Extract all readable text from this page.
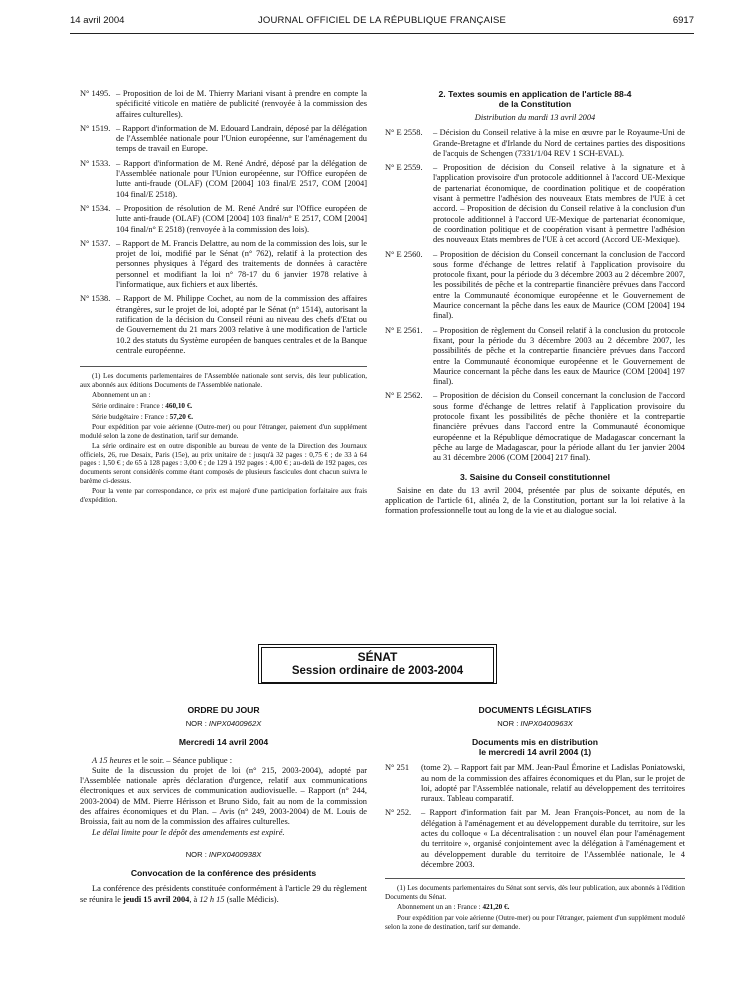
14 avril 2004	JOURNAL OFFICIEL DE LA RÉPUBLIQUE FRANÇAISE	6917
N° 1495. – Proposition de loi de M. Thierry Mariani visant à prendre en compte la spécificité viticole en matière de publicité (renvoyée à la commission des affaires culturelles).
N° 1519. – Rapport d'information de M. Edouard Landrain, déposé par la délégation de l'Assemblée nationale pour l'Union européenne, sur l'aménagement du temps de travail en Europe.
N° 1533. – Rapport d'information de M. René André, déposé par la délégation de l'Assemblée nationale pour l'Union européenne, sur l'Office européen de lutte anti-fraude (OLAF) (COM [2004] 103 final/E 2517, COM [2004] 104 final/E 2518).
N° 1534. – Proposition de résolution de M. René André sur l'Office européen de lutte anti-fraude (OLAF) (COM [2004] 103 final/n° E 2517, COM [2004] 104 final/n° E 2518) (renvoyée à la commission des lois).
N° 1537. – Rapport de M. Francis Delattre, au nom de la commission des lois, sur le projet de loi, modifié par le Sénat (n° 762), relatif à la protection des personnes physiques à l'égard des traitements de données à caractère personnel et modifiant la loi n° 78-17 du 6 janvier 1978 relative à l'informatique, aux fichiers et aux libertés.
N° 1538. – Rapport de M. Philippe Cochet, au nom de la commission des affaires étrangères, sur le projet de loi, adopté par le Sénat (n° 1514), autorisant la ratification de la décision du Conseil réuni au niveau des chefs d'Etat ou de Gouvernement du 21 mars 2003 relative à une modification de l'article 10.2 des statuts du Système européen de banques centrales et de la Banque centrale européenne.

(1) Les documents parlementaires de l'Assemblée nationale sont servis, dès leur publication, aux abonnés aux éditions Documents de l'Assemblée nationale.

Abonnement un an :

Série ordinaire : France : 460,10 €.

Série budgétaire : France : 57,20 €.

Pour expédition par voie aérienne (Outre-mer) ou pour l'étranger, paiement d'un supplément modulé selon la zone de destination, tarif sur demande.

La série ordinaire est en outre disponible au bureau de vente de la Direction des Journaux officiels, 26, rue Desaix, Paris (15e), au prix unitaire de : jusqu'à 32 pages : 0,75 € ; de 33 à 64 pages : 1,50 € ; de 65 à 128 pages : 3,00 € ; de 129 à 192 pages : 4,00 € ; au-delà de 192 pages, ces documents seront considérés comme étant composés de plusieurs fascicules dont chacun suivra le barème ci-dessus.

Pour la vente par correspondance, ce prix est majoré d'une participation forfaitaire aux frais d'expédition.

2. Textes soumis en application de l'article 88-4
de la Constitution
Distribution du mardi 13 avril 2004
N° E 2558. – Décision du Conseil relative à la mise en œuvre par le Royaume-Uni de Grande-Bretagne et d'Irlande du Nord de certaines parties des dispositions de l'acquis de Schengen (7331/1/04 REV 1 SCH-EVAL).
N° E 2559. – Proposition de décision du Conseil relative à la signature et à l'application provisoire d'un protocole additionnel à l'accord UE-Mexique de partenariat économique, de coordination politique et de coopération visant à permettre l'adhésion des nouveaux Etats membres de l'UE à cet accord. – Proposition de décision du Conseil relative à la conclusion d'un protocole additionnel à l'accord UE-Mexique de partenariat économique, de coordination politique et de coopération visant à permettre l'adhésion des nouveaux Etats membres de l'UE à cet accord (Accord UE-Mexique).
N° E 2560. – Proposition de décision du Conseil concernant la conclusion de l'accord sous forme d'échange de lettres relatif à l'application provisoire du protocole fixant, pour la période du 3 décembre 2003 au 2 décembre 2007, les possibilités de pêche et la contrepartie financière prévues dans l'accord entre la Communauté économique européenne et le Gouvernement de Maurice concernant la pêche dans les eaux de Maurice (COM [2004] 194 final).
N° E 2561. – Proposition de règlement du Conseil relatif à la conclusion du protocole fixant, pour la période du 3 décembre 2003 au 2 décembre 2007, les possibilités de pêche et la contrepartie financière prévues dans l'accord entre la Communauté économique européenne et le Gouvernement de Maurice concernant la pêche dans les eaux de Maurice (COM [2004] 197 final).
N° E 2562. – Proposition de décision du Conseil concernant la conclusion de l'accord sous forme d'échange de lettres relatif à l'application provisoire du protocole fixant les possibilités de pêche thonière et la contrepartie financière prévues dans l'accord entre la Communauté économique européenne et la République démocratique de Madagascar concernant la pêche au large de Madagascar, pour la période allant du 1er janvier 2004 au 31 décembre 2006 (COM [2004] 217 final).
3. Saisine du Conseil constitutionnel

Saisine en date du 13 avril 2004, présentée par plus de soixante députés, en application de l'article 61, alinéa 2, de la Constitution, portant sur la loi relative à la formation professionnelle tout au long de la vie et au dialogue social.

SÉNAT
Session ordinaire de 2003-2004
ORDRE DU JOUR
NOR : INPX0400962X
Mercredi 14 avril 2004

A 15 heures et le soir. – Séance publique :

Suite de la discussion du projet de loi (n° 215, 2003-2004), adopté par l'Assemblée nationale après déclaration d'urgence, relatif aux communications électroniques et aux services de communication audiovisuelle. – Rapport (n° 244, 2003-2004) de MM. Pierre Hérisson et Bruno Sido, fait au nom de la commission des affaires économiques et du Plan. – Avis (n° 249, 2003-2004) de M. Louis de Broissia, fait au nom de la commission des affaires culturelles.

Le délai limite pour le dépôt des amendements est expiré.

NOR : INPX0400938X
Convocation de la conférence des présidents

La conférence des présidents constituée conformément à l'article 29 du règlement se réunira le jeudi 15 avril 2004, à 12 h 15 (salle Médicis).

DOCUMENTS LÉGISLATIFS
NOR : INPX0400963X
Documents mis en distribution
le mercredi 14 avril 2004 (1)
N° 251 (tome 2). – Rapport fait par MM. Jean-Paul Émorine et Ladislas Poniatowski, au nom de la commission des affaires économiques et du Plan, sur le projet de loi, adopté par l'Assemblée nationale, relatif au développement des territoires ruraux. Tableau comparatif.
N° 252. – Rapport d'information fait par M. Jean François-Poncet, au nom de la délégation à l'aménagement et au développement durable du territoire, sur les actes du colloque « La décentralisation : un nouvel élan pour l'aménagement du territoire », organisé conjointement avec la délégation à l'aménagement et au développement durable du territoire de l'Assemblée nationale, le 4 décembre 2003.

(1) Les documents parlementaires du Sénat sont servis, dès leur publication, aux abonnés à l'édition Documents du Sénat.

Abonnement un an : France : 421,20 €.

Pour expédition par voie aérienne (Outre-mer) ou pour l'étranger, paiement d'un supplément modulé selon la zone de destination, tarif sur demande.
